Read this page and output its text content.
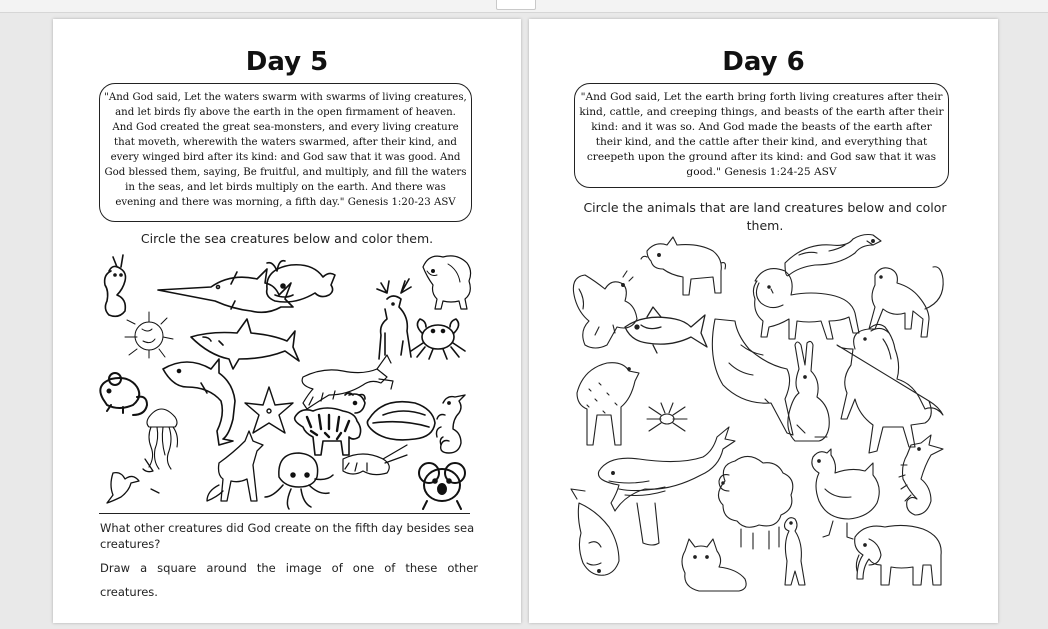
Day 5
"And God said, Let the waters swarm with swarms of living creatures, and let birds fly above the earth in the open firmament of heaven. And God created the great sea-monsters, and every living creature that moveth, wherewith the waters swarmed, after their kind, and every winged bird after its kind: and God saw that it was good. And God blessed them, saying, Be fruitful, and multiply, and fill the waters in the seas, and let birds multiply on the earth. And there was evening and there was morning, a fifth day." Genesis 1:20-23 ASV
Circle the sea creatures below and color them.
What other creatures did God create on the fifth day besides sea creatures?
Draw a square around the image of one of these other
creatures.
Day 6
"And God said, Let the earth bring forth living creatures after their kind, cattle, and creeping things, and beasts of the earth after their kind: and it was so. And God made the beasts of the earth after their kind, and the cattle after their kind, and everything that creepeth upon the ground after its kind: and God saw that it was good." Genesis 1:24-25 ASV
Circle the animals that are land creatures below and color them.
